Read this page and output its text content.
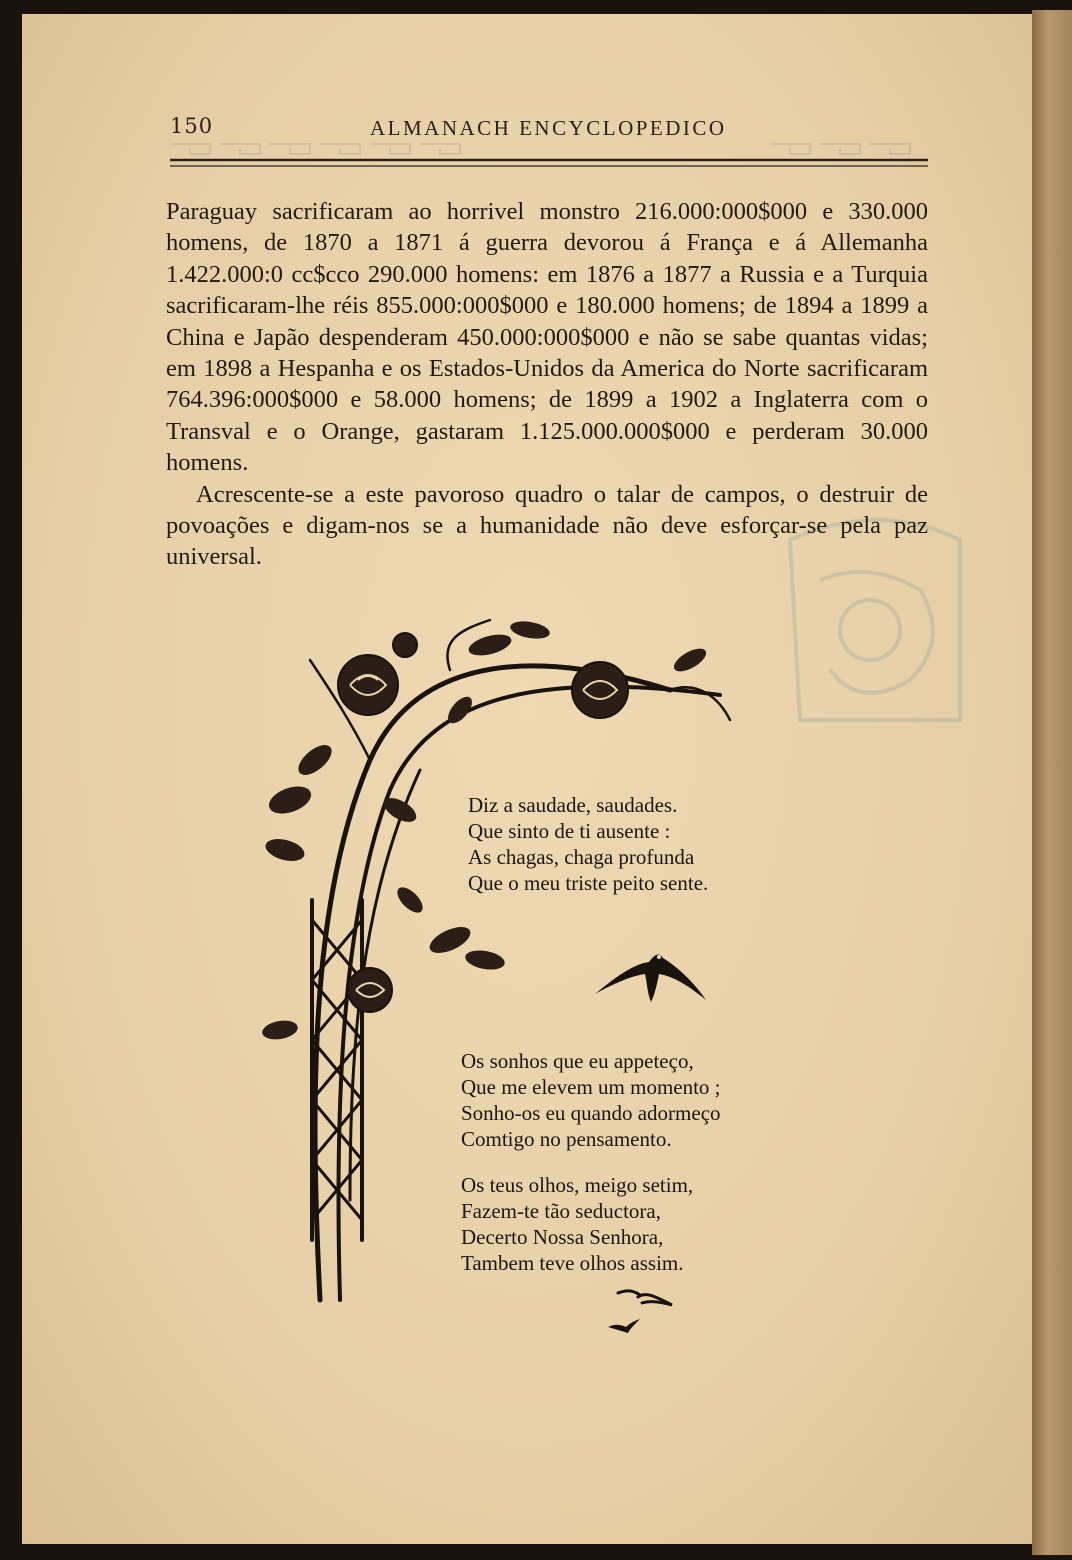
150	ALMANACH ENCYCLOPEDICO

Paraguay sacrificaram ao horrivel monstro 216.000:000$000 e 330.000 homens, de 1870 a 1871 á guerra devorou á França e á Allemanha 1.422.000:0 cc$cco 290.000 homens: em 1876 a 1877 a Russia e a Turquia sacrificaram-lhe réis 855.000:000$000 e 180.000 homens; de 1894 a 1899 a China e Japão despenderam 450.000:000$000 e não se sabe quantas vidas; em 1898 a Hespanha e os Estados-Unidos da America do Norte sacrificaram 764.396:000$000 e 58.000 homens; de 1899 a 1902 a Inglaterra com o Transval e o Orange, gastaram 1.125.000.000$000 e perderam 30.000 homens.

Acrescente-se a este pavoroso quadro o talar de campos, o destruir de povoações e digam-nos se a humanidade não deve esforçar-se pela paz universal.

Diz a saudade, saudades.
Que sinto de ti ausente :
As chagas, chaga profunda
Que o meu triste peito sente.
Os sonhos que eu appeteço,
Que me elevem um momento ;
Sonho-os eu quando adormeço
Comtigo no pensamento.
Os teus olhos, meigo setim,
Fazem-te tão seductora,
Decerto Nossa Senhora,
Tambem teve olhos assim.
